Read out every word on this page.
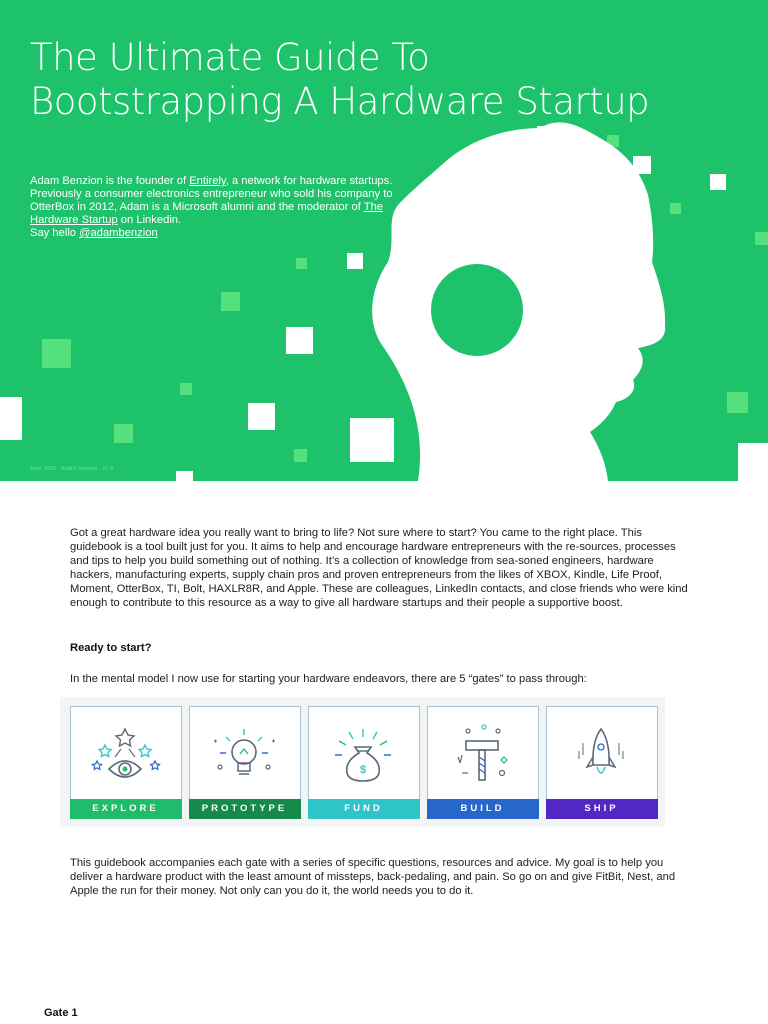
The Ultimate Guide To
Bootstrapping A Hardware Startup
Adam Benzion is the founder of Entirely, a network for hardware startups. Previously a consumer electronics entrepreneur who sold his company to OtterBox in 2012, Adam is a Microsoft alumni and the moderator of The Hardware Startup on Linkedin.
Say hello @adambenzion
June 2016 · Public Version · v1.0
Got a great hardware idea you really want to bring to life? Not sure where to start? You came to the right place. This guidebook is a tool built just for you. It aims to help and encourage hardware entrepreneurs with the re-sources, processes and tips to help you build something out of nothing. It’s a collection of knowledge from sea-soned engineers, hardware hackers, manufacturing experts, supply chain pros and proven entrepreneurs from the likes of XBOX, Kindle, Life Proof, Moment, OtterBox, TI, Bolt, HAXLR8R, and Apple. These are colleagues, LinkedIn contacts, and close friends who were kind enough to contribute to this resource as a way to give all hardware startups and their people a supportive boost.
Ready to start?
In the mental model I now use for starting your hardware endeavors, there are 5 “gates” to pass through:
EXPLORE	PROTOTYPE
$
FUND	BUILD	SHIP
This guidebook accompanies each gate with a series of specific questions, resources and advice. My goal is to help you deliver a hardware product with the least amount of missteps, back-pedaling, and pain. So go on and give FitBit, Nest, and Apple the run for their money. Not only can you do it, the world needs you to do it.
Gate 1
